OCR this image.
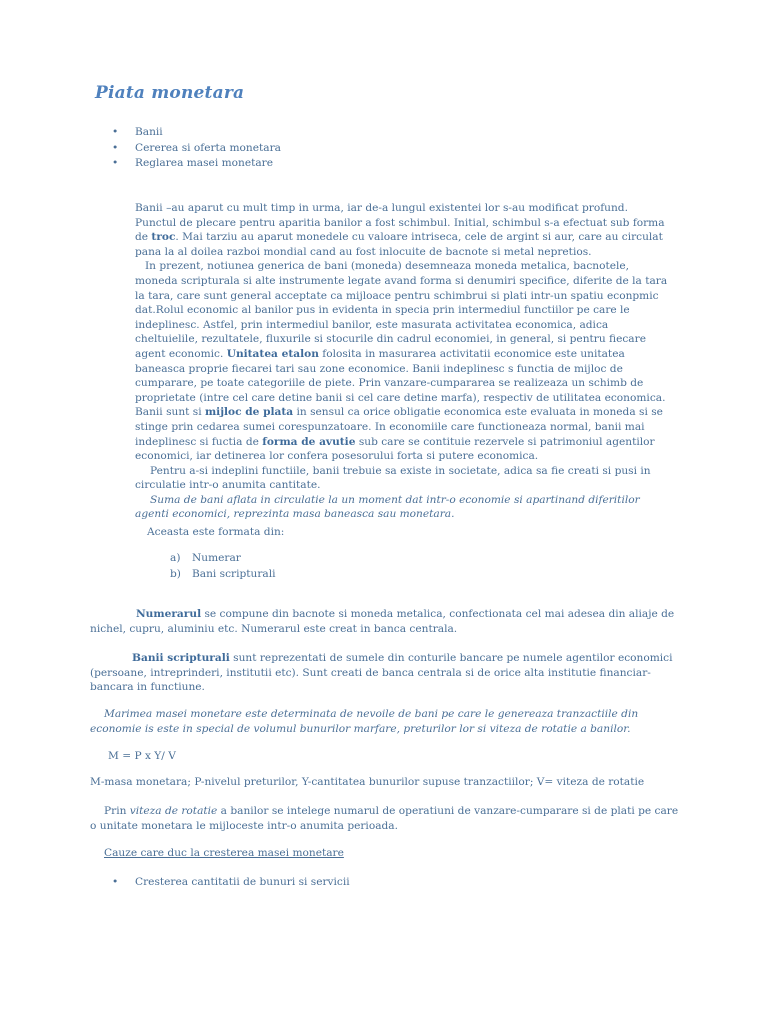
Piata monetara
• Banii
• Cererea si oferta monetara
• Reglarea masei monetare

Banii –au aparut cu mult timp in urma, iar de-a lungul existentei lor s-au modificat profund. Punctul de plecare pentru aparitia banilor a fost schimbul. Initial, schimbul s-a efectuat sub forma de troc. Mai tarziu au aparut monedele cu valoare intriseca, cele de argint si aur, care au circulat pana la al doilea razboi mondial cand au fost inlocuite de bacnote si metal nepretios.

In prezent, notiunea generica de bani (moneda) desemneaza moneda metalica, bacnotele, moneda scripturala si alte instrumente legate avand forma si denumiri specifice, diferite de la tara la tara, care sunt general acceptate ca mijloace pentru schimbrui si plati intr-un spatiu econpmic dat.Rolul economic al banilor pus in evidenta in specia prin intermediul functiilor pe care le indeplinesc. Astfel, prin intermediul banilor, este masurata activitatea economica, adica cheltuielile, rezultatele, fluxurile si stocurile din cadrul economiei, in general, si pentru fiecare agent economic. Unitatea etalon folosita in masurarea activitatii economice este unitatea baneasca proprie fiecarei tari sau zone economice. Banii indeplinesc s functia de mijloc de cumparare, pe toate categoriile de piete. Prin vanzare-cumpararea se realizeaza un schimb de proprietate (intre cel care detine banii si cel care detine marfa), respectiv de utilitatea economica. Banii sunt si mijloc de plata in sensul ca orice obligatie economica este evaluata in moneda si se stinge prin cedarea sumei corespunzatoare. In economiile care functioneaza normal, banii mai indeplinesc si fuctia de forma de avutie sub care se contituie rezervele si patrimoniul agentilor economici, iar detinerea lor confera posesorului forta si putere economica.

Pentru a-si indeplini functiile, banii trebuie sa existe in societate, adica sa fie creati si pusi in circulatie intr-o anumita cantitate.

Suma de bani aflata in circulatie la un moment dat intr-o economie si apartinand diferitilor agenti economici, reprezinta masa baneasca sau monetara.

Aceasta este formata din:

a) Numerar
b) Bani scripturali

Numerarul se compune din bacnote si moneda metalica, confectionata cel mai adesea din aliaje de nichel, cupru, aluminiu etc. Numerarul este creat in banca centrala.

Banii scripturali sunt reprezentati de sumele din conturile bancare pe numele agentilor economici (persoane, intreprinderi, institutii etc). Sunt creati de banca centrala si de orice alta institutie financiar-bancara in functiune.

Marimea masei monetare este determinata de nevoile de bani pe care le genereaza tranzactiile din economie is este in special de volumul bunurilor marfare, preturilor lor si viteza de rotatie a banilor.

M = P x Y/ V

M-masa monetara; P-nivelul preturilor, Y-cantitatea bunurilor supuse tranzactiilor; V= viteza de rotatie

Prin viteza de rotatie a banilor se intelege numarul de operatiuni de vanzare-cumparare si de plati pe care o unitate monetara le mijloceste intr-o anumita perioada.

Cauze care duc la cresterea masei monetare

• Cresterea cantitatii de bunuri si servicii
